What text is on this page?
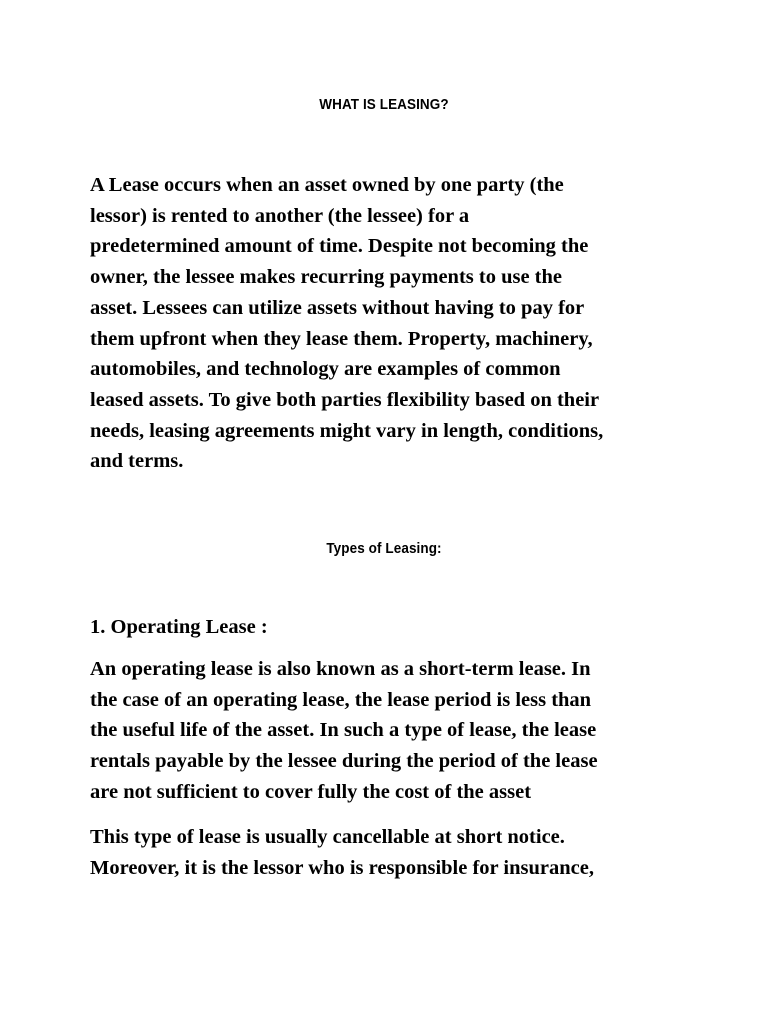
WHAT IS LEASING?

A Lease occurs when an asset owned by one party (the
lessor) is rented to another (the lessee) for a
predetermined amount of time. Despite not becoming the
owner, the lessee makes recurring payments to use the
asset. Lessees can utilize assets without having to pay for
them upfront when they lease them. Property, machinery,
automobiles, and technology are examples of common
leased assets. To give both parties flexibility based on their
needs, leasing agreements might vary in length, conditions,
and terms.

Types of Leasing:

1. Operating Lease :

An operating lease is also known as a short-term lease. In
the case of an operating lease, the lease period is less than
the useful life of the asset. In such a type of lease, the lease
rentals payable by the lessee during the period of the lease
are not sufficient to cover fully the cost of the asset

This type of lease is usually cancellable at short notice.
Moreover, it is the lessor who is responsible for insurance,
